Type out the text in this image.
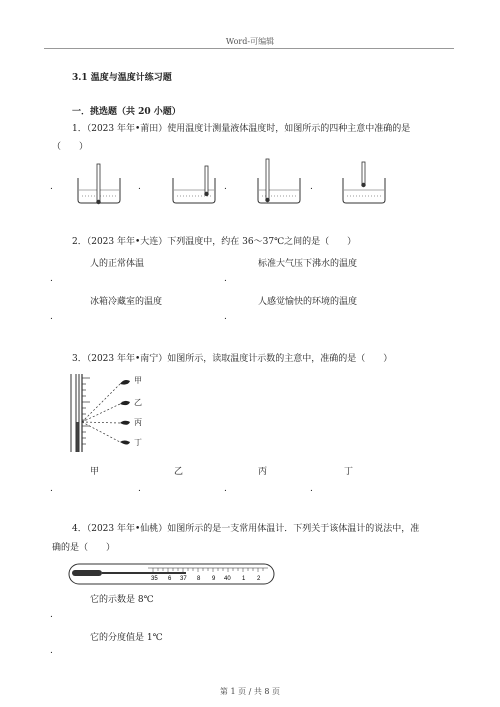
Word-可编辑
3.1 温度与温度计练习题
一．挑选题（共 20 小题）
1．（2023 年年•莆田）使用温度计测量液体温度时，如图所示的四种主意中准确的是
（　　）
.	.	.	.
2．（2023 年年•大连）下列温度中，约在 36～37℃之间的是（　　）
人的正常体温	标准大气压下沸水的温度
.	.
冰箱冷藏室的温度	人感觉愉快的环境的温度
.	.
3．（2023 年年•南宁）如图所示，读取温度计示数的主意中，准确的是（　　）
甲
乙
丙
丁
甲	乙	丙	丁
.	.	.	.
4．（2023 年年•仙桃）如图所示的是一支常用体温计．下列关于该体温计的说法中，准
确的是（　　）
35 6 37 8 9 40 1 2
它的示数是 8℃
.
它的分度值是 1℃
.
第 1 页 / 共 8 页
